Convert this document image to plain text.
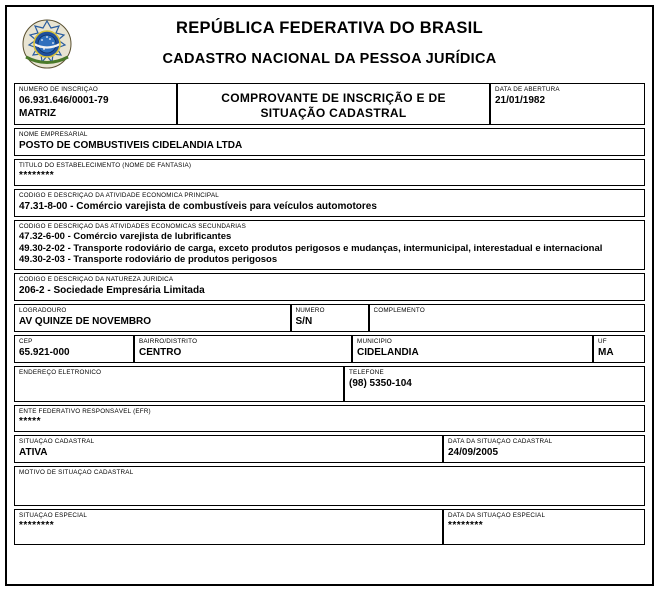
REPÚBLICA FEDERATIVA DO BRASIL
CADASTRO NACIONAL DA PESSOA JURÍDICA
NÚMERO DE INSCRIÇÃO
06.931.646/0001-79
MATRIZ
COMPROVANTE DE INSCRIÇÃO E DE
SITUAÇÃO CADASTRAL
DATA DE ABERTURA
21/01/1982
NOME EMPRESARIAL
POSTO DE COMBUSTIVEIS CIDELANDIA LTDA
TÍTULO DO ESTABELECIMENTO (NOME DE FANTASIA)
********
CÓDIGO E DESCRIÇÃO DA ATIVIDADE ECONÔMICA PRINCIPAL
47.31-8-00 - Comércio varejista de combustíveis para veículos automotores
CÓDIGO E DESCRIÇÃO DAS ATIVIDADES ECONÔMICAS SECUNDÁRIAS
47.32-6-00 - Comércio varejista de lubrificantes
49.30-2-02 - Transporte rodoviário de carga, exceto produtos perigosos e mudanças, intermunicipal, interestadual e internacional
49.30-2-03 - Transporte rodoviário de produtos perigosos
CÓDIGO E DESCRIÇÃO DA NATUREZA JURÍDICA
206-2 - Sociedade Empresária Limitada
LOGRADOURO
AV QUINZE DE NOVEMBRO
NÚMERO
S/N
COMPLEMENTO
CEP
65.921-000
BAIRRO/DISTRITO
CENTRO
MUNICÍPIO
CIDELANDIA
UF
MA
ENDEREÇO ELETRÔNICO	TELEFONE
(98) 5350-104
ENTE FEDERATIVO RESPONSÁVEL (EFR)
*****
SITUAÇÃO CADASTRAL
ATIVA
DATA DA SITUAÇÃO CADASTRAL
24/09/2005
MOTIVO DE SITUAÇÃO CADASTRAL
SITUAÇÃO ESPECIAL
********
DATA DA SITUAÇÃO ESPECIAL
********
